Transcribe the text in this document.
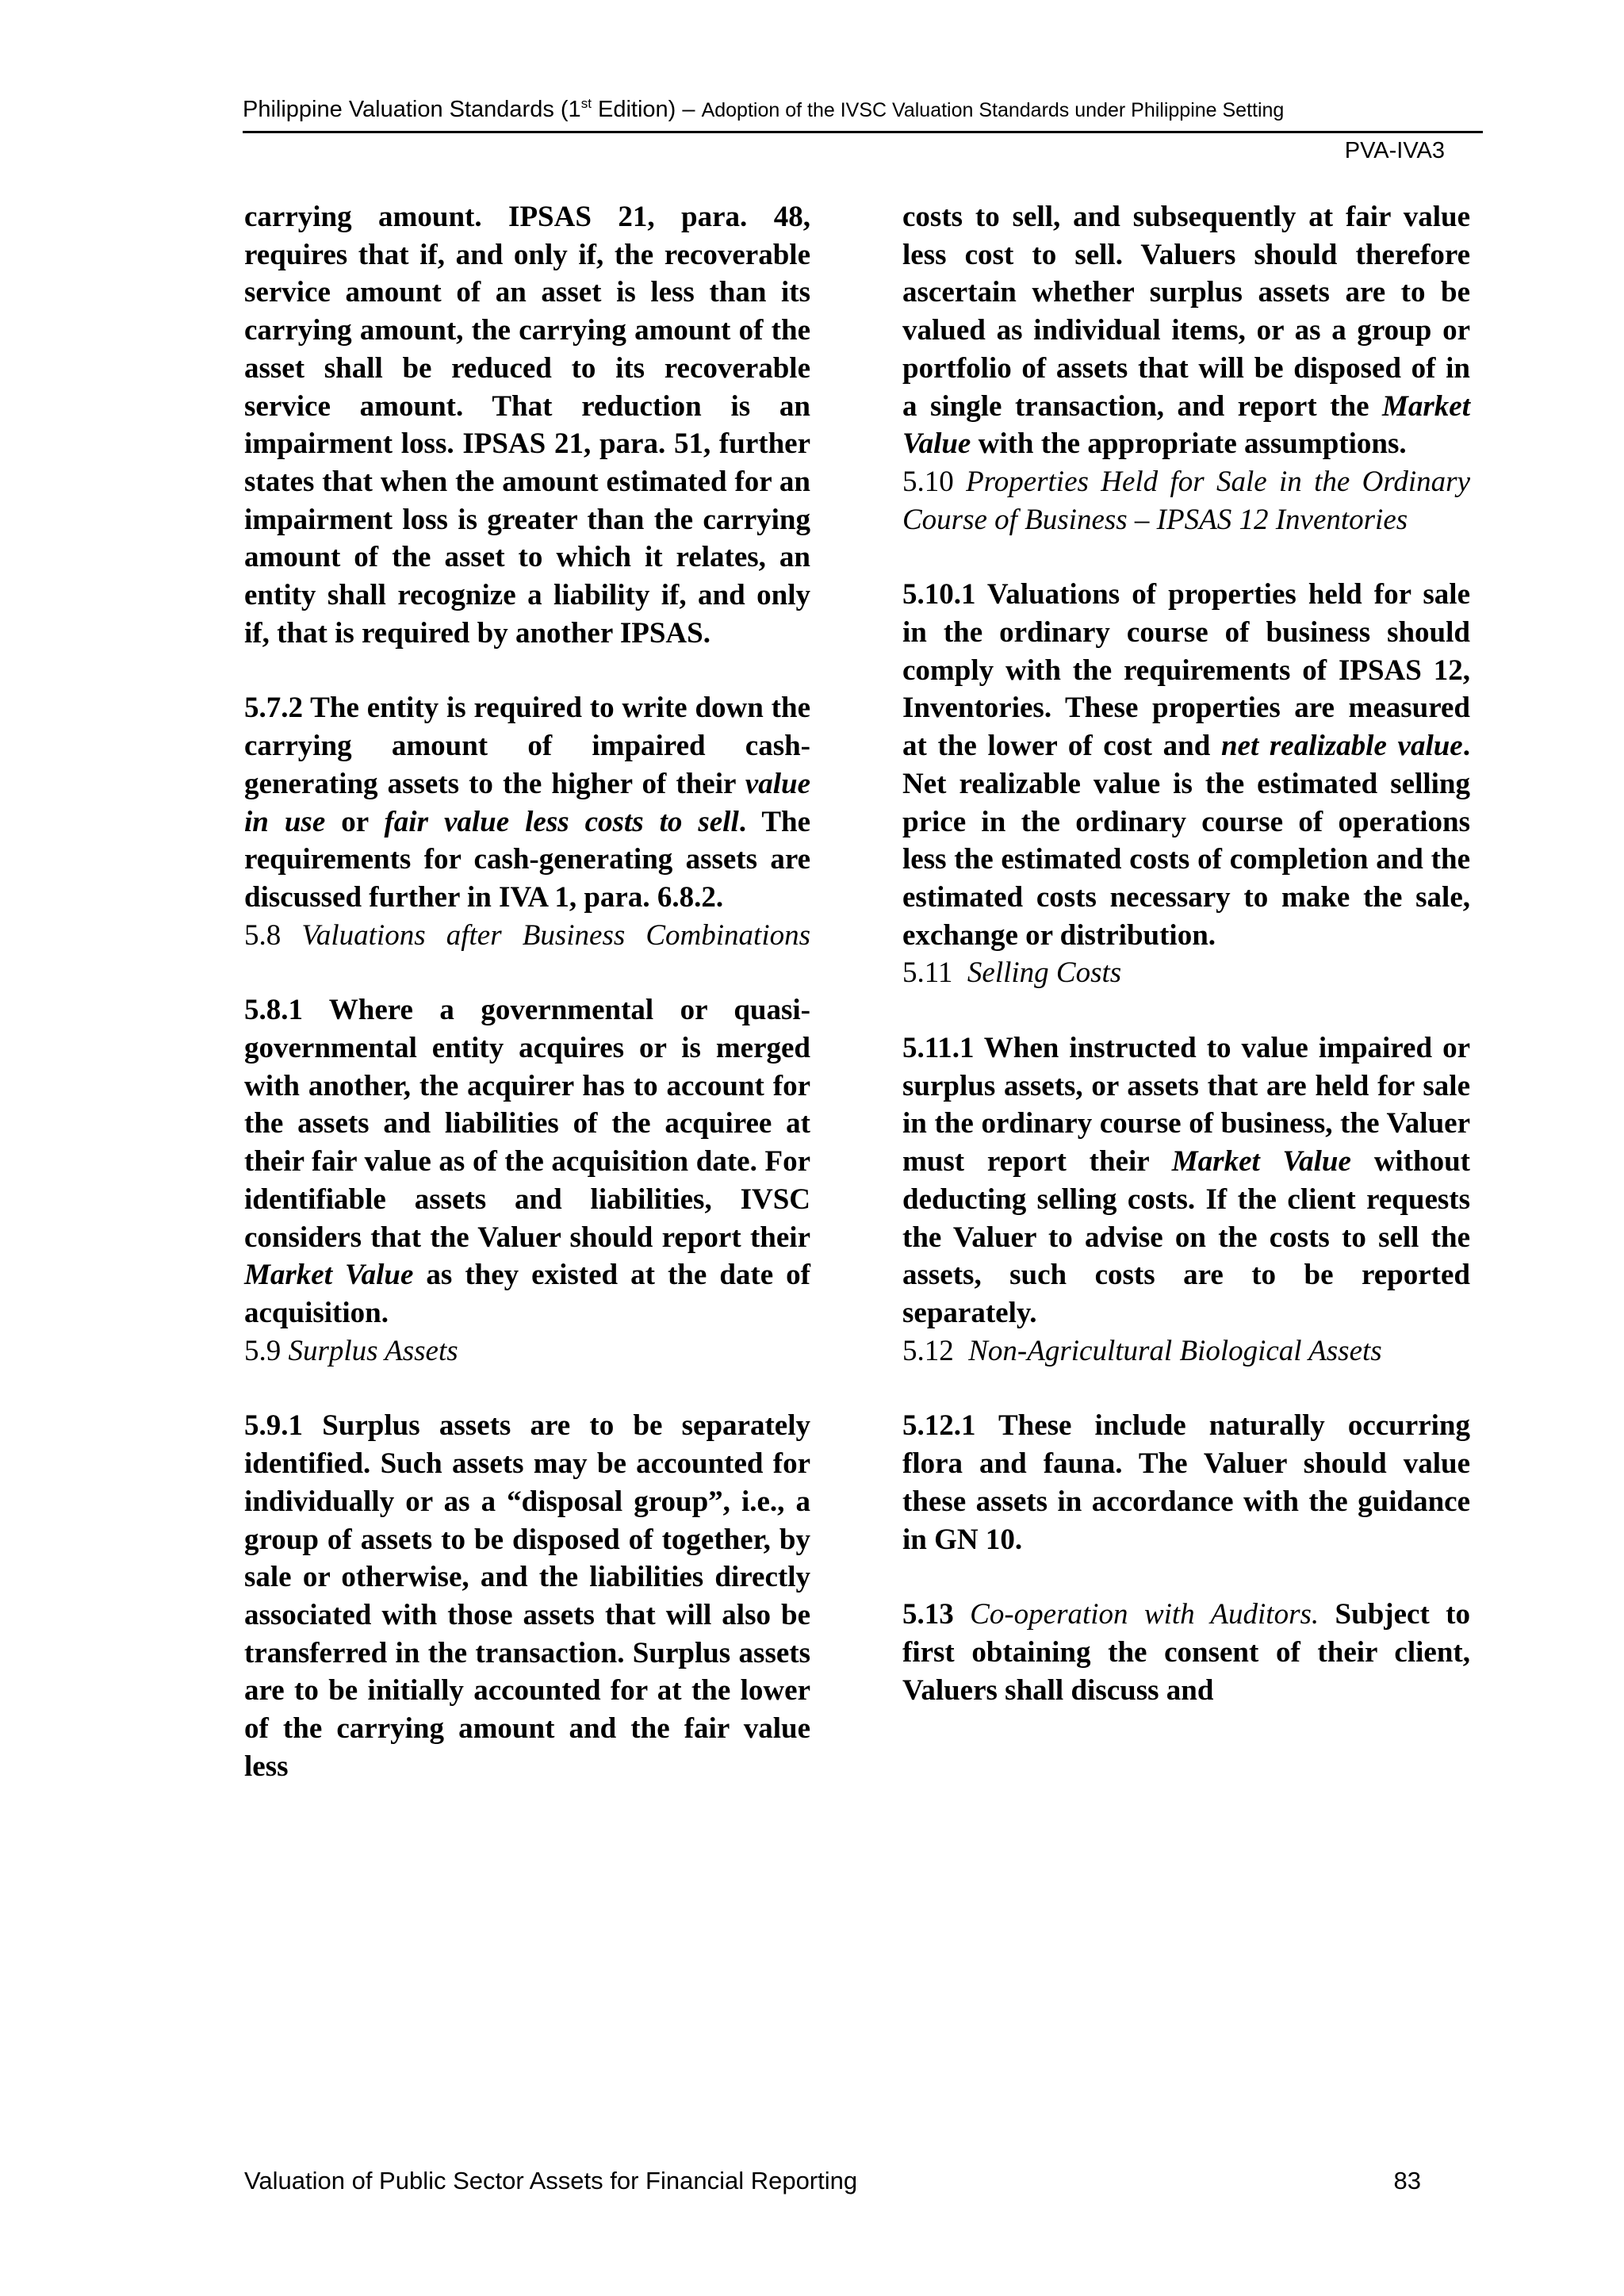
Philippine Valuation Standards (1st Edition) – Adoption of the IVSC Valuation Standards under Philippine Setting
PVA-IVA3

carrying amount. IPSAS 21, para. 48, requires that if, and only if, the recoverable service amount of an asset is less than its carrying amount, the carrying amount of the asset shall be reduced to its recoverable service amount. That reduction is an impairment loss. IPSAS 21, para. 51, further states that when the amount estimated for an impairment loss is greater than the carrying amount of the asset to which it relates, an entity shall recognize a liability if, and only if, that is required by another IPSAS.

5.7.2 The entity is required to write down the carrying amount of impaired cash-generating assets to the higher of their value in use or fair value less costs to sell. The requirements for cash-generating assets are discussed further in IVA 1, para. 6.8.2.

5.8 Valuations after Business Combinations

5.8.1 Where a governmental or quasi-governmental entity acquires or is merged with another, the acquirer has to account for the assets and liabilities of the acquiree at their fair value as of the acquisition date. For identifiable assets and liabilities, IVSC considers that the Valuer should report their Market Value as they existed at the date of acquisition.

5.9 Surplus Assets

5.9.1 Surplus assets are to be separately identified. Such assets may be accounted for individually or as a “disposal group”, i.e., a group of assets to be disposed of together, by sale or otherwise, and the liabilities directly associated with those assets that will also be transferred in the transaction. Surplus assets are to be initially accounted for at the lower of the carrying amount and the fair value less

costs to sell, and subsequently at fair value less cost to sell. Valuers should therefore ascertain whether surplus assets are to be valued as individual items, or as a group or portfolio of assets that will be disposed of in a single transaction, and report the Market Value with the appropriate assumptions.

5.10 Properties Held for Sale in the Ordinary Course of Business – IPSAS 12 Inventories

5.10.1 Valuations of properties held for sale in the ordinary course of business should comply with the requirements of IPSAS 12, Inventories. These properties are measured at the lower of cost and net realizable value. Net realizable value is the estimated selling price in the ordinary course of operations less the estimated costs of completion and the estimated costs necessary to make the sale, exchange or distribution.

5.11 Selling Costs

5.11.1 When instructed to value impaired or surplus assets, or assets that are held for sale in the ordinary course of business, the Valuer must report their Market Value without deducting selling costs. If the client requests the Valuer to advise on the costs to sell the assets, such costs are to be reported separately.

5.12 Non-Agricultural Biological Assets

5.12.1 These include naturally occurring flora and fauna. The Valuer should value these assets in accordance with the guidance in GN 10.

5.13 Co-operation with Auditors. Subject to first obtaining the consent of their client, Valuers shall discuss and

Valuation of Public Sector Assets for Financial Reporting	83
